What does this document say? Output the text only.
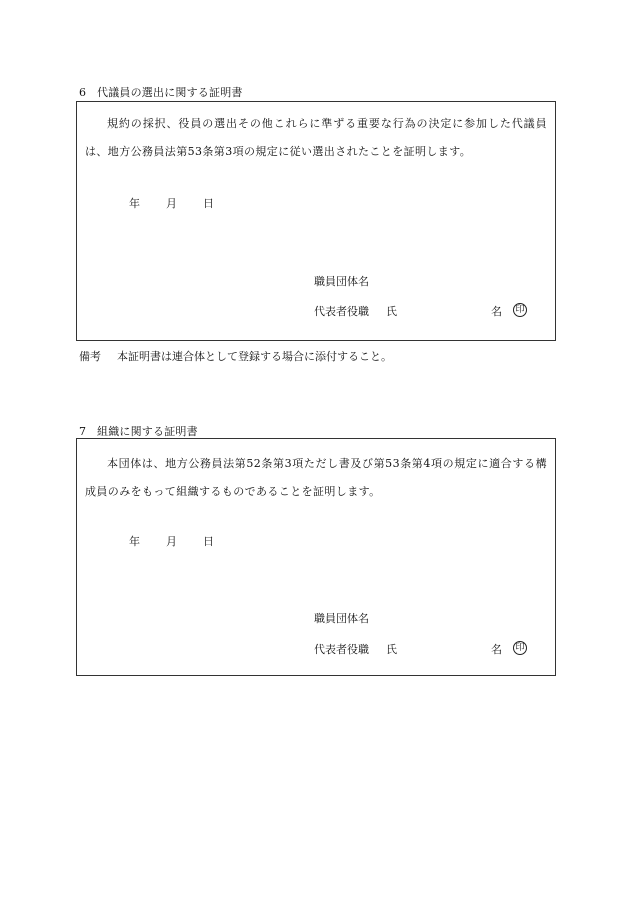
6 代議員の選出に関する証明書
規約の採択、役員の選出その他これらに準ずる重要な行為の決定に参加した代議員は、地方公務員法第53条第3項の規定に従い選出されたことを証明します。
年 月 日
職員団体名
代表者役職 氏	名 印
備考 本証明書は連合体として登録する場合に添付すること。
7 組織に関する証明書
本団体は、地方公務員法第52条第3項ただし書及び第53条第4項の規定に適合する構成員のみをもって組織するものであることを証明します。
年 月 日
職員団体名
代表者役職 氏	名 印
